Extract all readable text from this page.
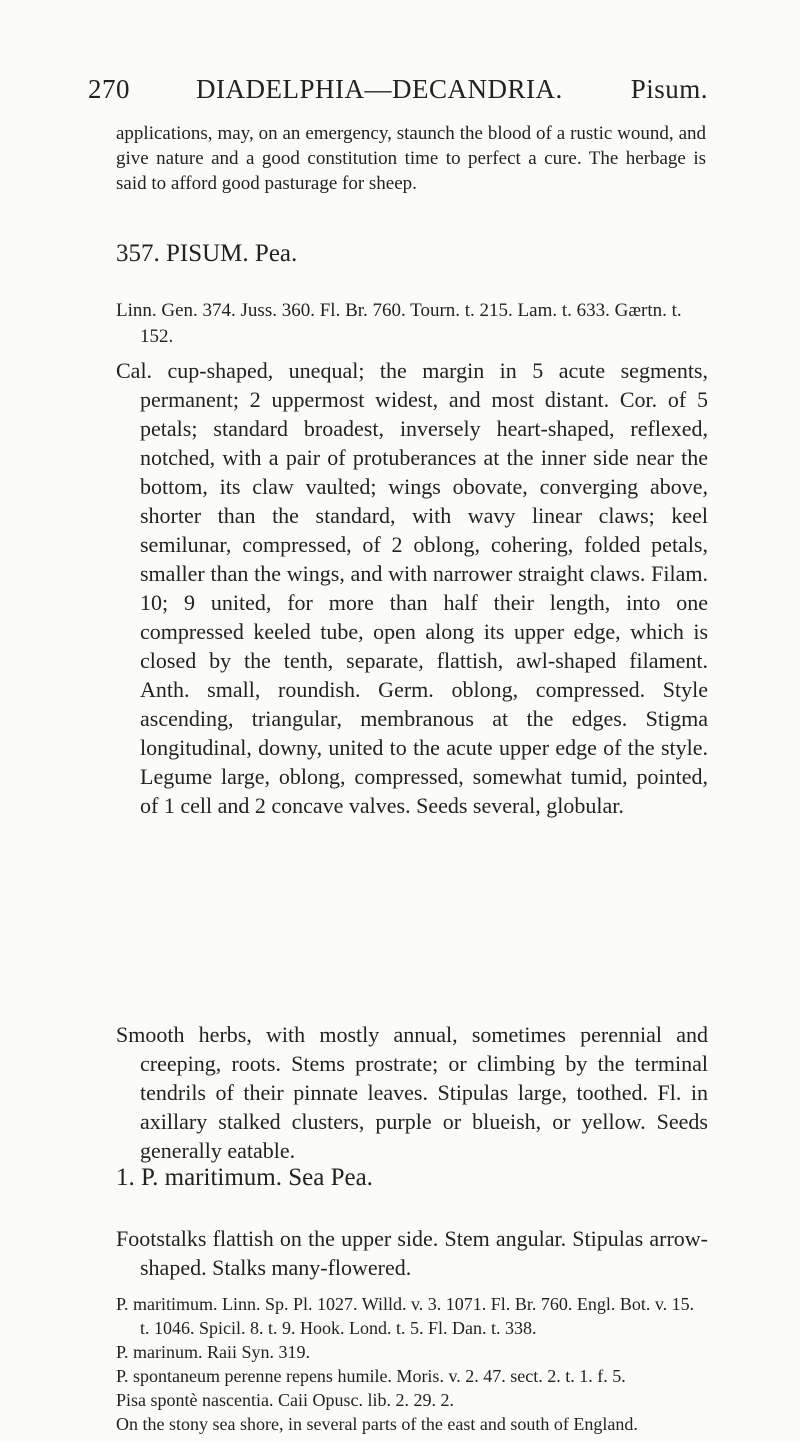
270 DIADELPHIA—DECANDRIA.	Pisum.

applications, may, on an emergency, staunch the blood of a rustic wound, and give nature and a good constitution time to perfect a cure. The herbage is said to afford good pasturage for sheep.

357. PISUM. Pea.

Linn. Gen. 374. Juss. 360. Fl. Br. 760. Tourn. t. 215. Lam. t. 633. Gærtn. t. 152.

Cal. cup-shaped, unequal; the margin in 5 acute segments, permanent; 2 uppermost widest, and most distant. Cor. of 5 petals; standard broadest, inversely heart-shaped, reflexed, notched, with a pair of protuberances at the inner side near the bottom, its claw vaulted; wings obovate, converging above, shorter than the standard, with wavy linear claws; keel semilunar, compressed, of 2 oblong, cohering, folded petals, smaller than the wings, and with narrower straight claws. Filam. 10; 9 united, for more than half their length, into one compressed keeled tube, open along its upper edge, which is closed by the tenth, separate, flattish, awl-shaped filament. Anth. small, roundish. Germ. oblong, compressed. Style ascending, triangular, membranous at the edges. Stigma longitudinal, downy, united to the acute upper edge of the style. Legume large, oblong, compressed, somewhat tumid, pointed, of 1 cell and 2 concave valves. Seeds several, globular.

Smooth herbs, with mostly annual, sometimes perennial and creeping, roots. Stems prostrate; or climbing by the terminal tendrils of their pinnate leaves. Stipulas large, toothed. Fl. in axillary stalked clusters, purple or blueish, or yellow. Seeds generally eatable.

1. P. maritimum. Sea Pea.

Footstalks flattish on the upper side. Stem angular. Stipulas arrow-shaped. Stalks many-flowered.

P. maritimum. Linn. Sp. Pl. 1027. Willd. v. 3. 1071. Fl. Br. 760. Engl. Bot. v. 15. t. 1046. Spicil. 8. t. 9. Hook. Lond. t. 5. Fl. Dan. t. 338.

P. marinum. Raii Syn. 319.

P. spontaneum perenne repens humile. Moris. v. 2. 47. sect. 2. t. 1. f. 5.

Pisa spontè nascentia. Caii Opusc. lib. 2. 29. 2.

On the stony sea shore, in several parts of the east and south of England.
